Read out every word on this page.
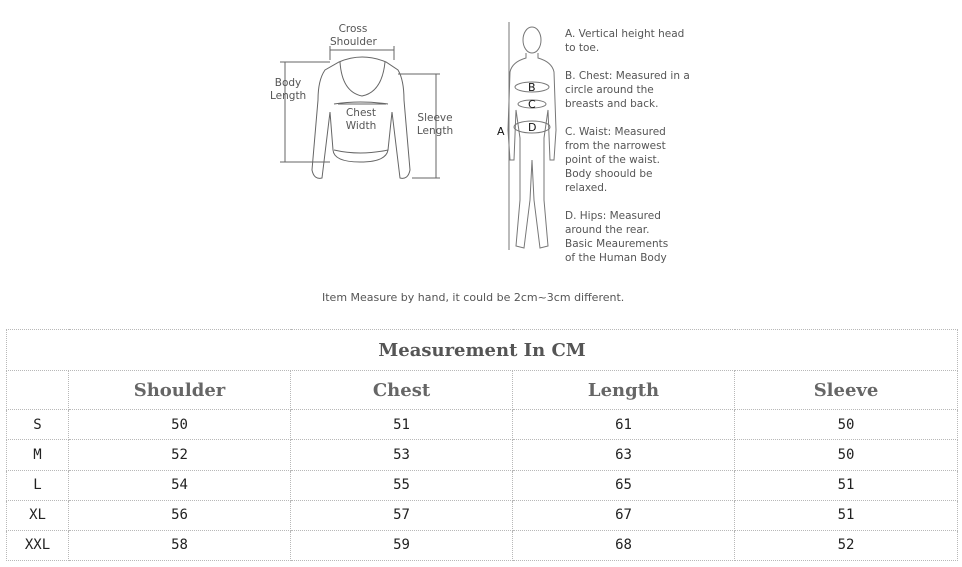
Cross
Shoulder
Body
Length
Chest
Width
Sleeve
Length	A
B
C
D
A. Vertical height head
to toe.
B. Chest: Measured in a
circle around the
breasts and back.
C. Waist: Measured
from the narrowest
point of the waist.
Body shoould be
relaxed.
D. Hips: Measured
around the rear.
Basic Meaurements
of the Human Body
Item Measure by hand, it could be 2cm~3cm different.
Measurement In CM				
	Shoulder	Chest	Length	Sleeve
S	50	51	61	50
M	52	53	63	50
L	54	55	65	51
XL	56	57	67	51
XXL	58	59	68	52
